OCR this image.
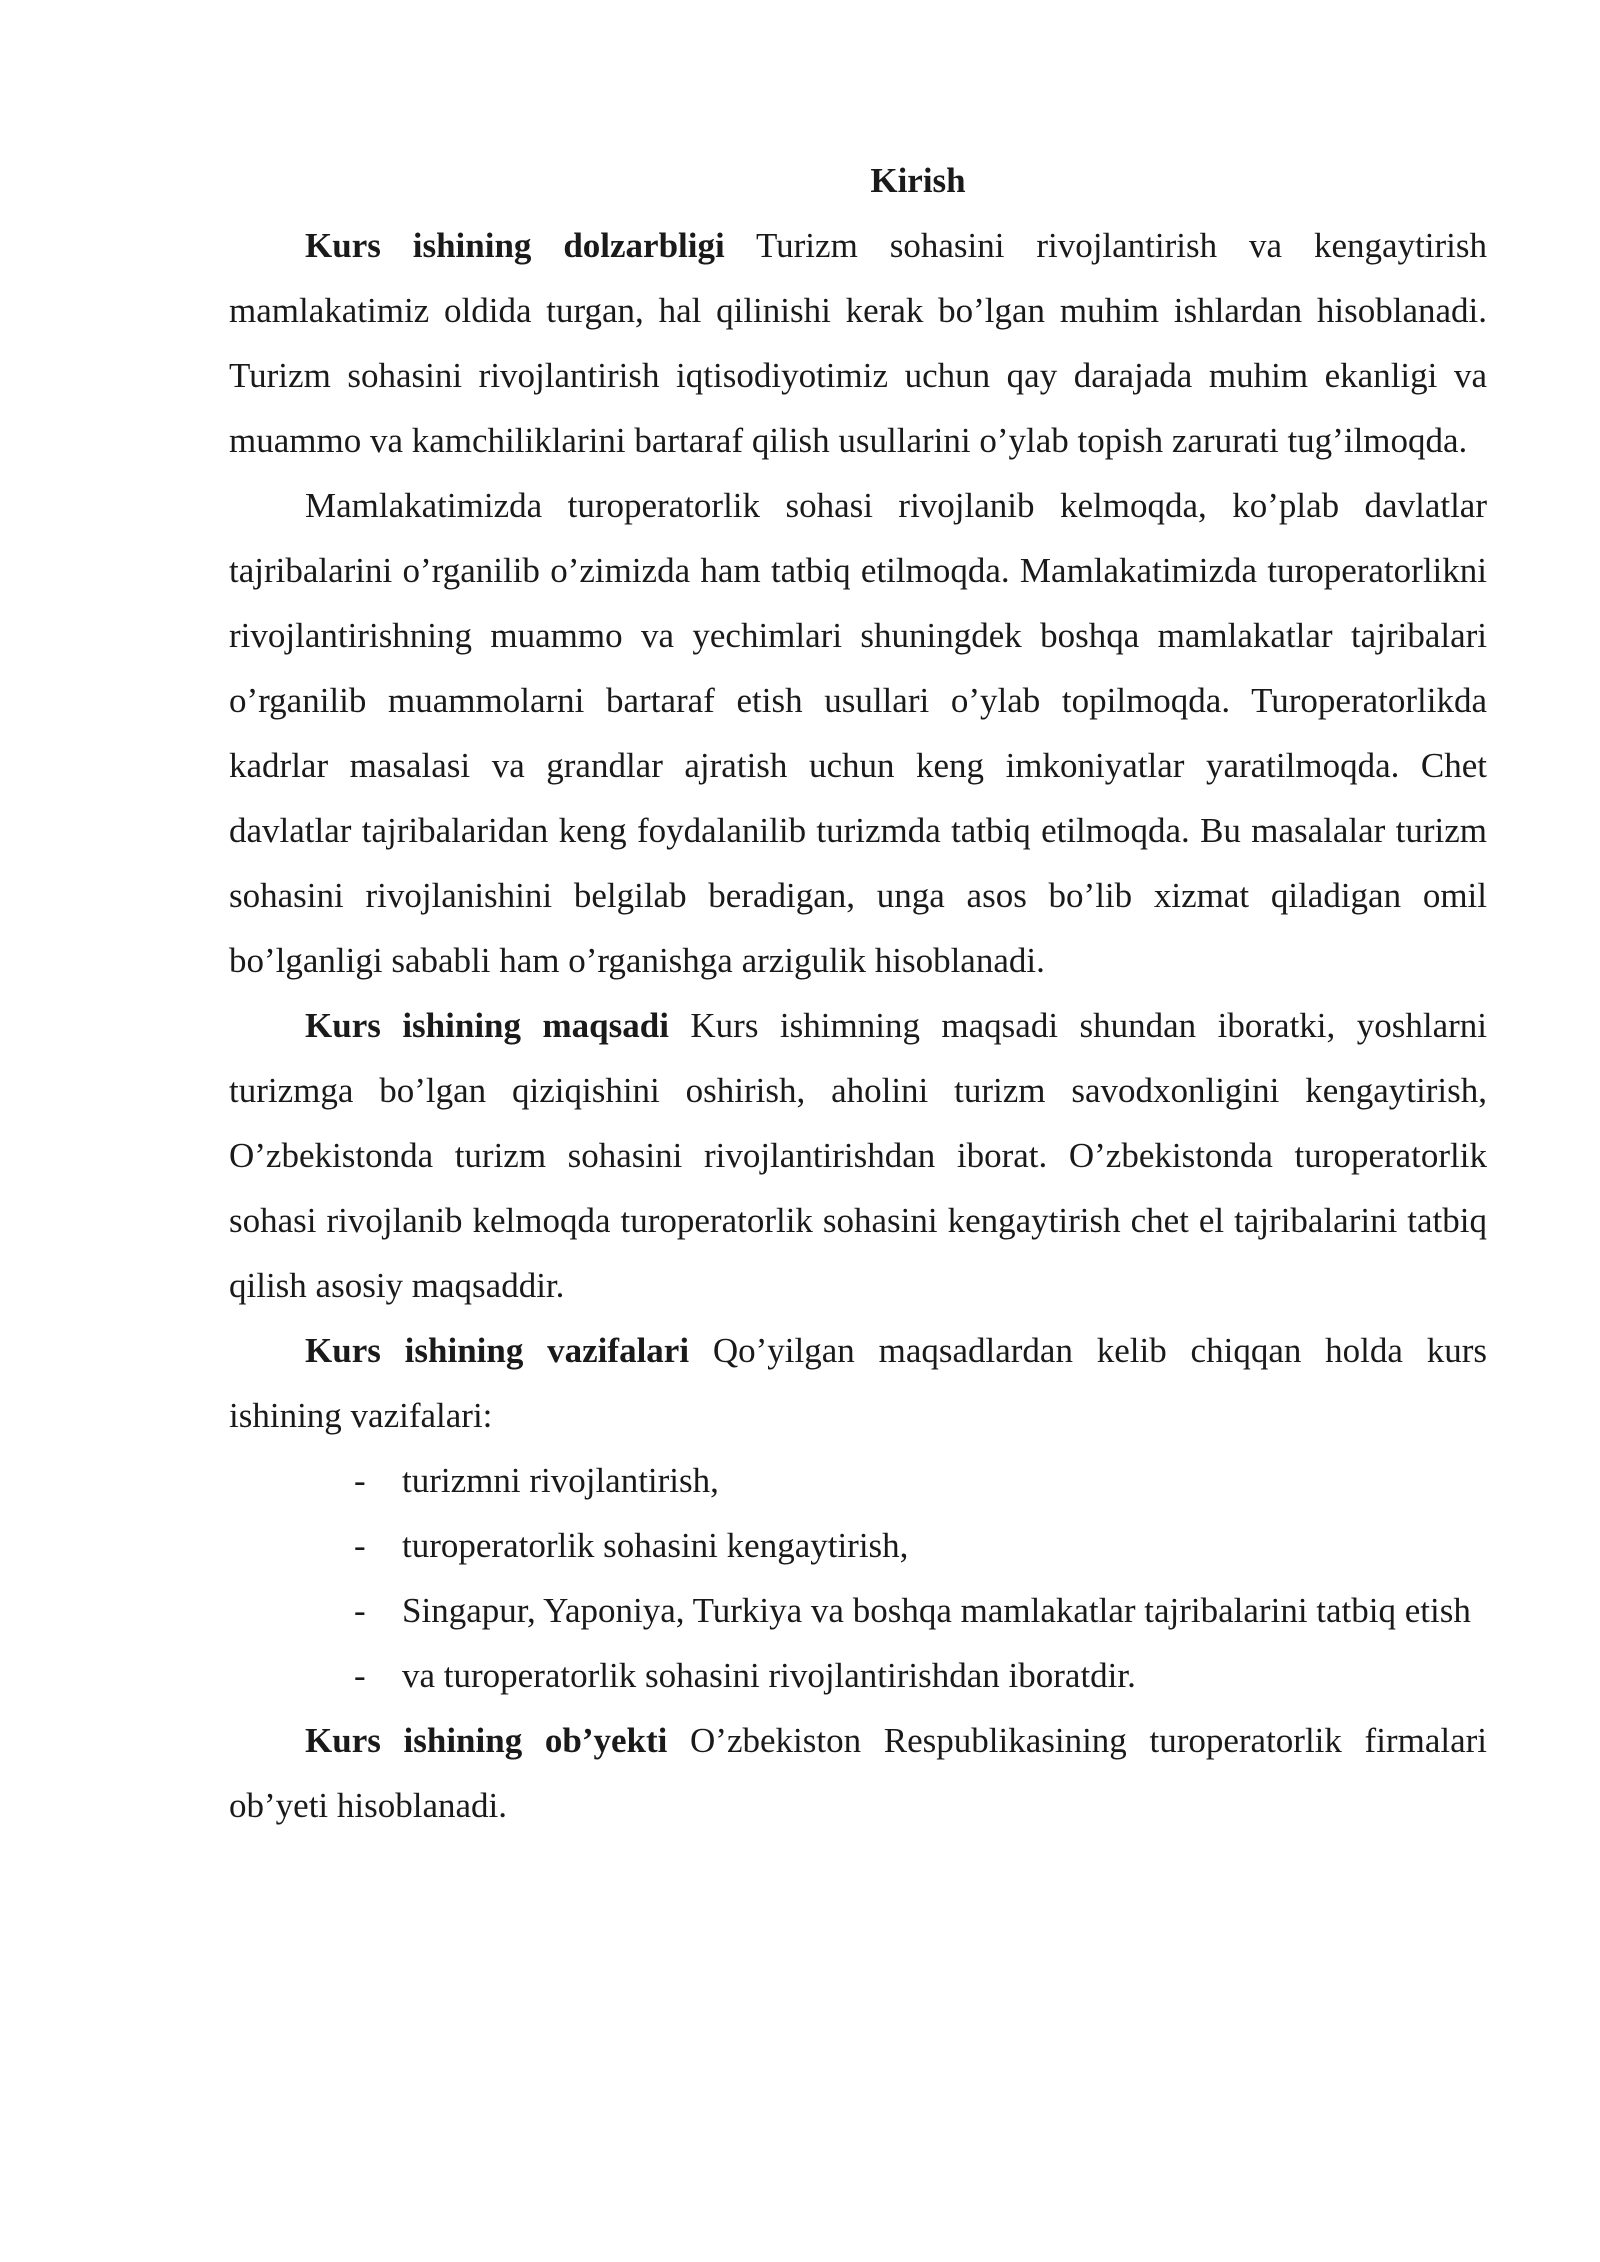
Kirish

Kurs ishining dolzarbligi Turizm sohasini rivojlantirish va kengaytirish mamlakatimiz oldida turgan, hal qilinishi kerak bo’lgan muhim ishlardan hisoblanadi. Turizm sohasini rivojlantirish iqtisodiyotimiz uchun qay darajada muhim ekanligi va muammo va kamchiliklarini bartaraf qilish usullarini o’ylab topish zarurati tug’ilmoqda.

Mamlakatimizda turoperatorlik sohasi rivojlanib kelmoqda, ko’plab davlatlar tajribalarini o’rganilib o’zimizda ham tatbiq etilmoqda. Mamlakatimizda turoperatorlikni rivojlantirishning muammo va yechimlari shuningdek boshqa mamlakatlar tajribalari o’rganilib muammolarni bartaraf etish usullari o’ylab topilmoqda. Turoperatorlikda kadrlar masalasi va grandlar ajratish uchun keng imkoniyatlar yaratilmoqda. Chet davlatlar tajribalaridan keng foydalanilib turizmda tatbiq etilmoqda. Bu masalalar turizm sohasini rivojlanishini belgilab beradigan, unga asos bo’lib xizmat qiladigan omil bo’lganligi sababli ham o’rganishga arzigulik hisoblanadi.

Kurs ishining maqsadi Kurs ishimning maqsadi shundan iboratki, yoshlarni turizmga bo’lgan qiziqishini oshirish, aholini turizm savodxonligini kengaytirish, O’zbekistonda turizm sohasini rivojlantirishdan iborat. O’zbekistonda turoperatorlik sohasi rivojlanib kelmoqda turoperatorlik sohasini kengaytirish chet el tajribalarini tatbiq qilish asosiy maqsaddir.

Kurs ishining vazifalari Qo’yilgan maqsadlardan kelib chiqqan holda kurs ishining vazifalari:

- turizmni rivojlantirish,
- turoperatorlik sohasini kengaytirish,
- Singapur, Yaponiya, Turkiya va boshqa mamlakatlar tajribalarini tatbiq etish
- va turoperatorlik sohasini rivojlantirishdan iboratdir.

Kurs ishining ob’yekti O’zbekiston Respublikasining turoperatorlik firmalari ob’yeti hisoblanadi.
